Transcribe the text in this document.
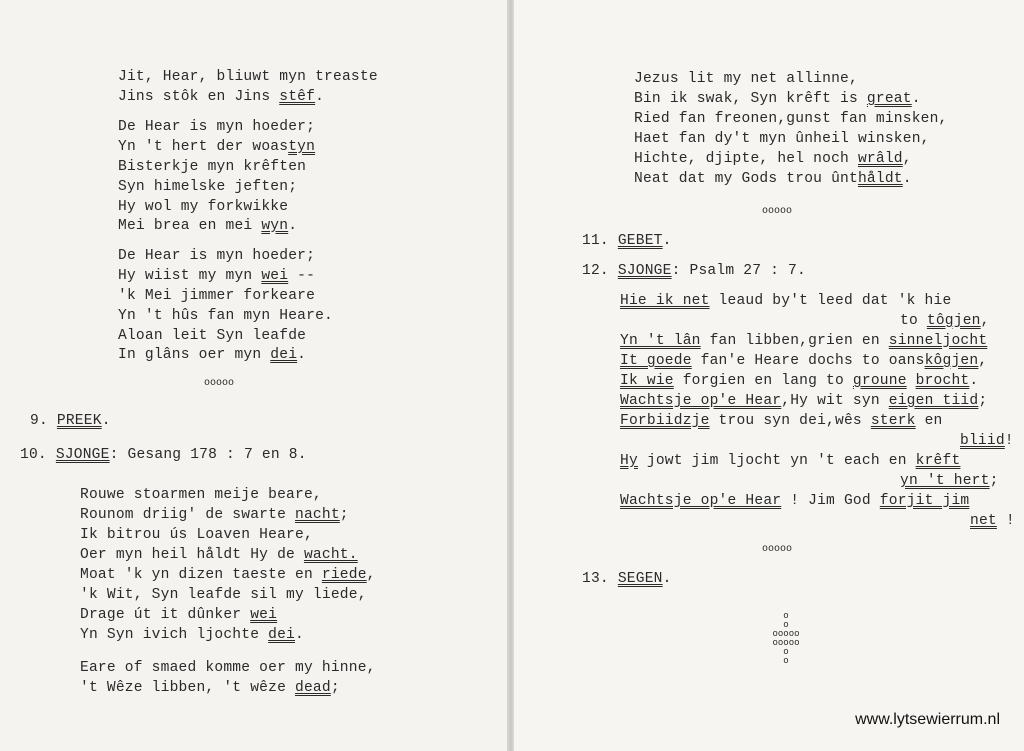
Jit, Hear, bliuwt myn treaste
Jins stôk en Jins stêf.
De Hear is myn hoeder;
Yn 't hert der woastyn
Bisterkje myn krêften
Syn himelske jeften;
Hy wol my forkwikke
Mei brea en mei wyn.
De Hear is myn hoeder;
Hy wiist my myn wei --
'k Mei jimmer forkeare
Yn 't hûs fan myn Heare.
Aloan leit Syn leafde
In glâns oer myn dei.
ooooo
9. PREEK.
10. SJONGE: Gesang 178 : 7 en 8.
Rouwe stoarmen meije beare,
Rounom driig' de swarte nacht;
Ik bitrou ús Loaven Heare,
Oer myn heil håldt Hy de wacht.
Moat 'k yn dizen taeste en riede,
'k Wit, Syn leafde sil my liede,
Drage út it dûnker wei
Yn Syn ivich ljochte dei.
Eare of smaed komme oer my hinne,
't Wêze libben, 't wêze dead;
Jezus lit my net allinne,
Bin ik swak, Syn krêft is great.
Ried fan freonen,gunst fan minsken,
Haet fan dy't myn ûnheil winsken,
Hichte, djipte, hel noch wrâld,
Neat dat my Gods trou ûnthåldt.
ooooo
11. GEBET.
12. SJONGE: Psalm 27 : 7.
Hie ik net leaud by't leed dat 'k hie
to tôgjen,
Yn 't lân fan libben,grien en sinneljocht
It goede fan'e Heare dochs to oanskôgjen,
Ik wie forgien en lang to groune brocht.
Wachtsje op'e Hear,Hy wit syn eigen tiid;
Forbiidzje trou syn dei,wês sterk en
bliid!
Hy jowt jim ljocht yn 't each en krêft
yn 't hert;
Wachtsje op'e Hear ! Jim God forjit jim
net !
ooooo
13. SEGEN.
o
o
ooooo
ooooo
o
o
www.lytsewierrum.nl
